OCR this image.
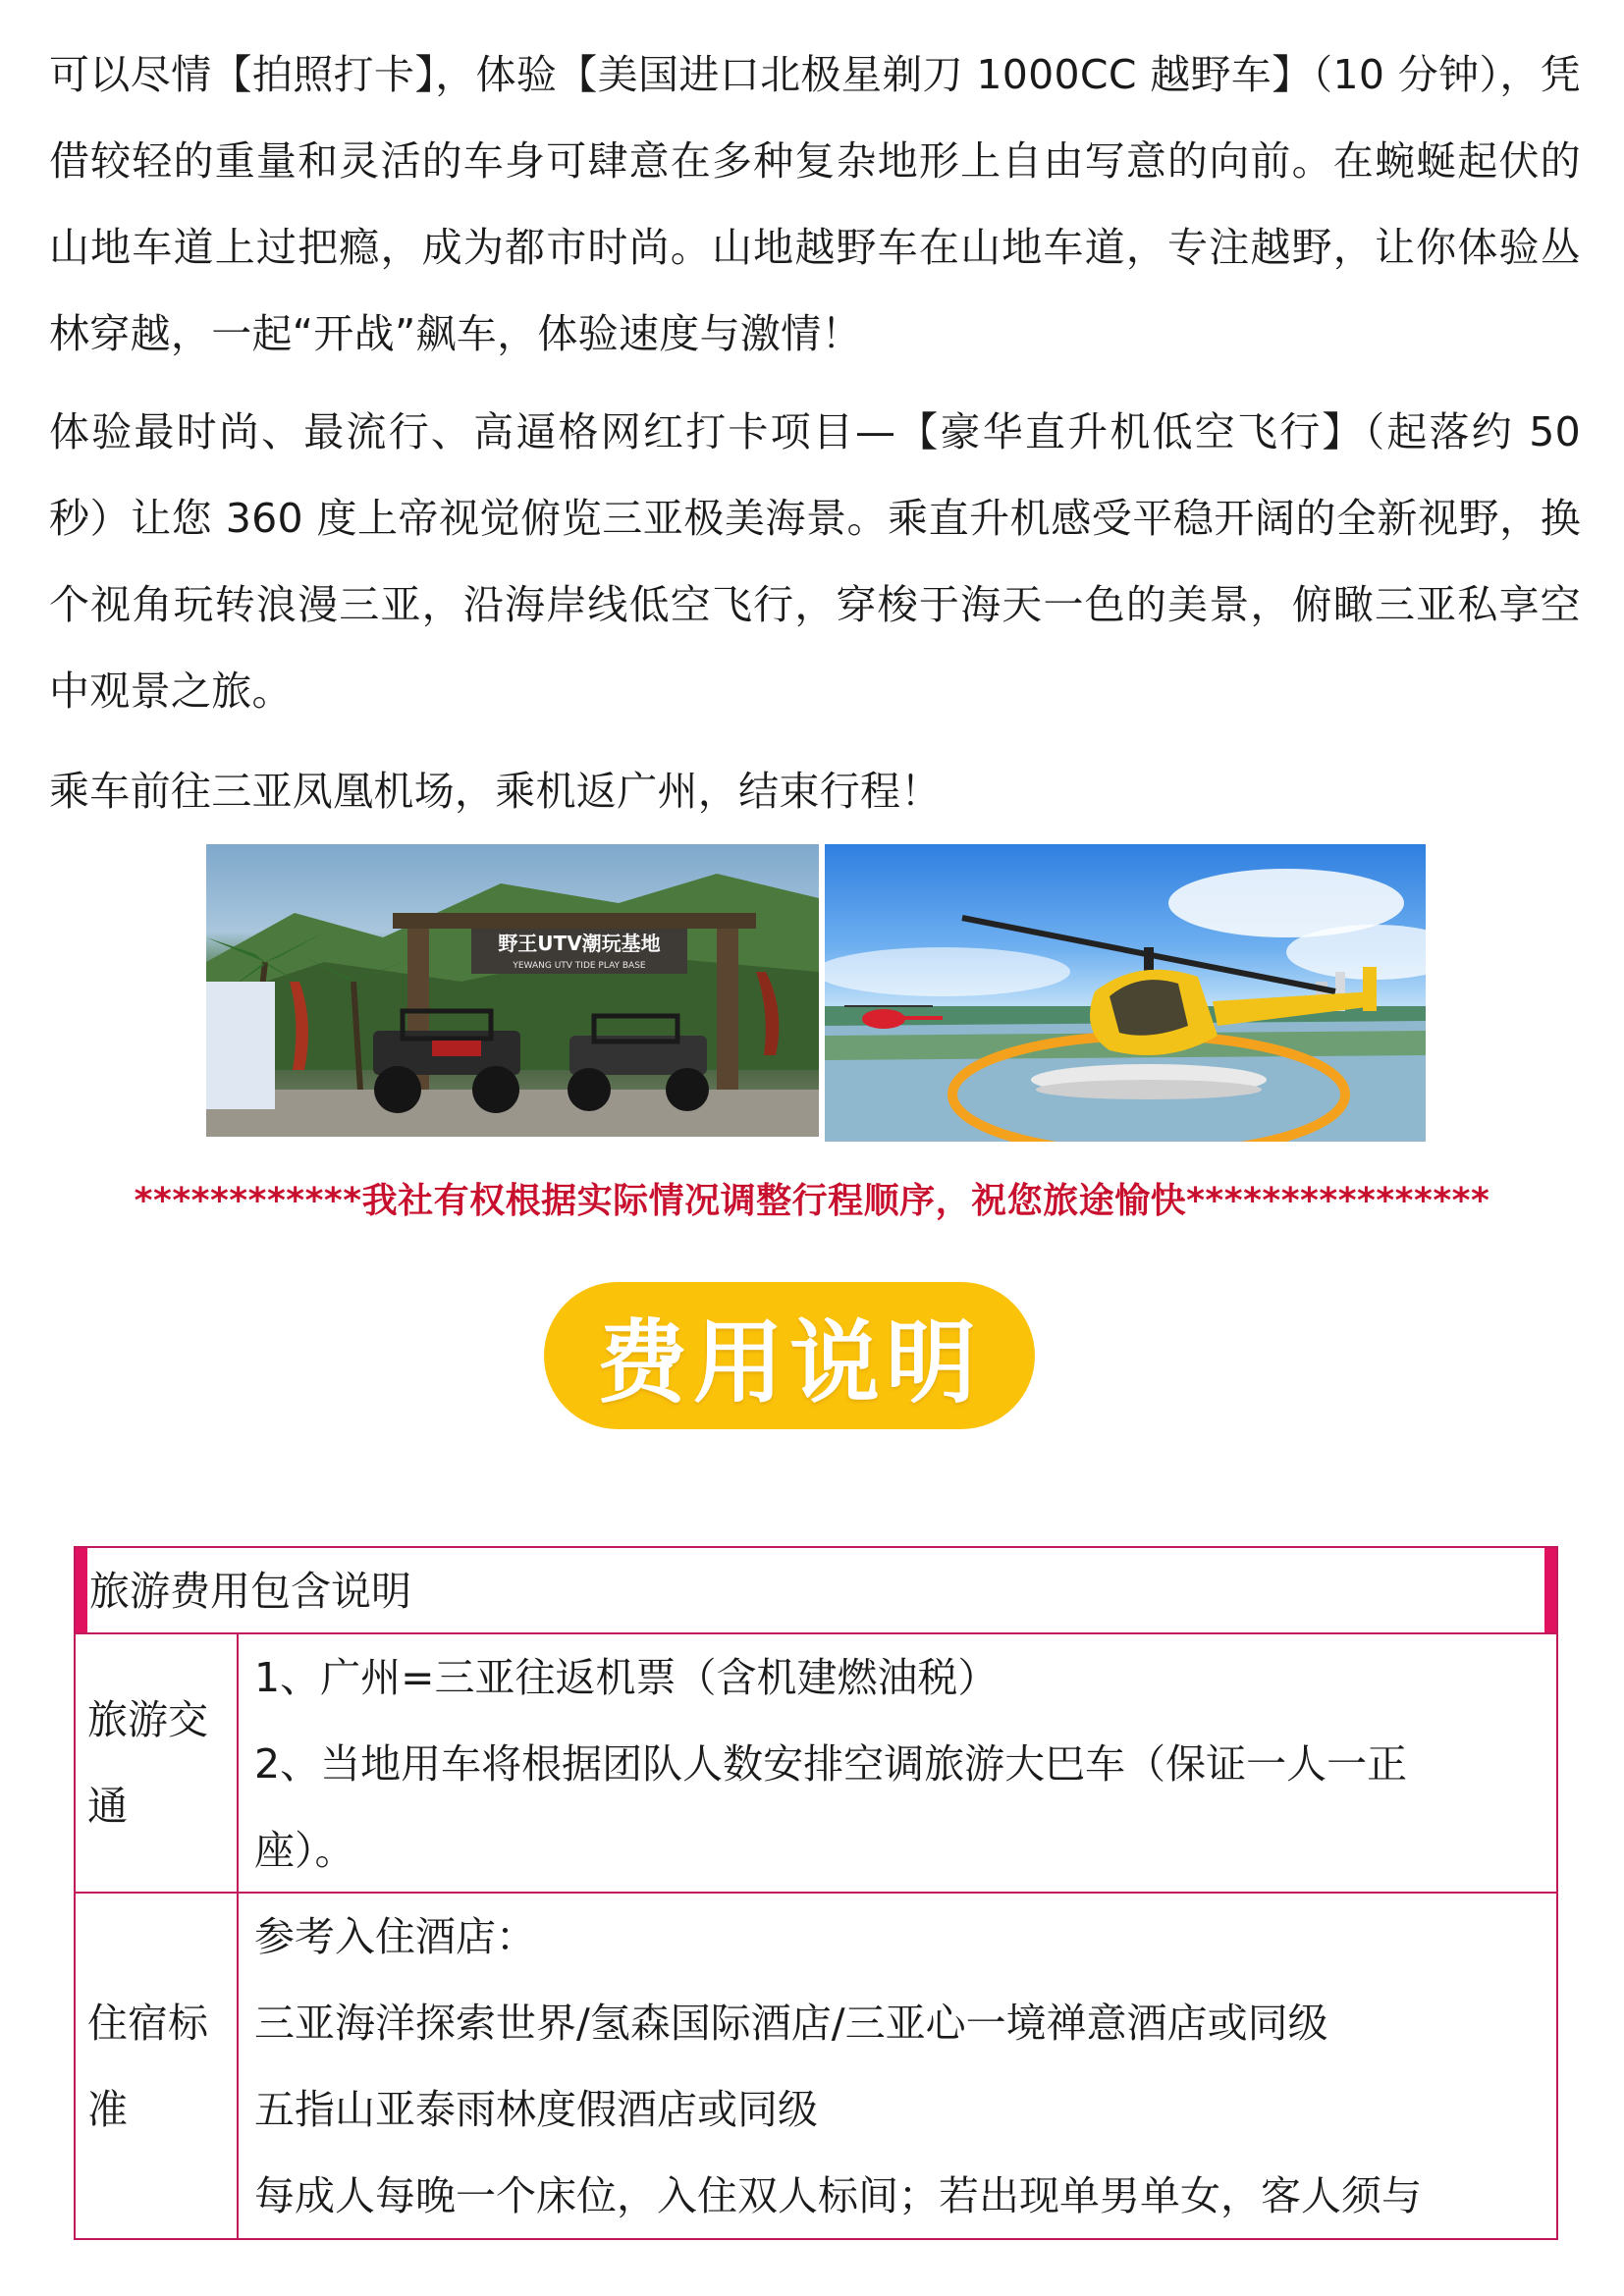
可以尽情【拍照打卡】，体验【美国进口北极星剃刀 1000CC 越野车】（10 分钟），凭借较轻的重量和灵活的车身可肆意在多种复杂地形上自由写意的向前。在蜿蜒起伏的山地车道上过把瘾，成为都市时尚。山地越野车在山地车道，专注越野，让你体验丛林穿越，一起“开战”飙车，体验速度与激情！

体验最时尚、最流行、高逼格网红打卡项目—【豪华直升机低空飞行】（起落约 50 秒）让您 360 度上帝视觉俯览三亚极美海景。乘直升机感受平稳开阔的全新视野，换个视角玩转浪漫三亚，沿海岸线低空飞行，穿梭于海天一色的美景，俯瞰三亚私享空中观景之旅。

乘车前往三亚凤凰机场，乘机返广州，结束行程！

野王UTV潮玩基地
YEWANG UTV TIDE PLAY BASE
************我社有权根据实际情况调整行程顺序，祝您旅途愉快****************
费用说明
旅游费用包含说明
旅游交通
1、广州=三亚往返机票（含机建燃油税）
2、当地用车将根据团队人数安排空调旅游大巴车（保证一人一正
座）。
住宿标准
参考入住酒店：
三亚海洋探索世界/氢森国际酒店/三亚心一境禅意酒店或同级
五指山亚泰雨林度假酒店或同级
每成人每晚一个床位，入住双人标间；若出现单男单女，客人须与
